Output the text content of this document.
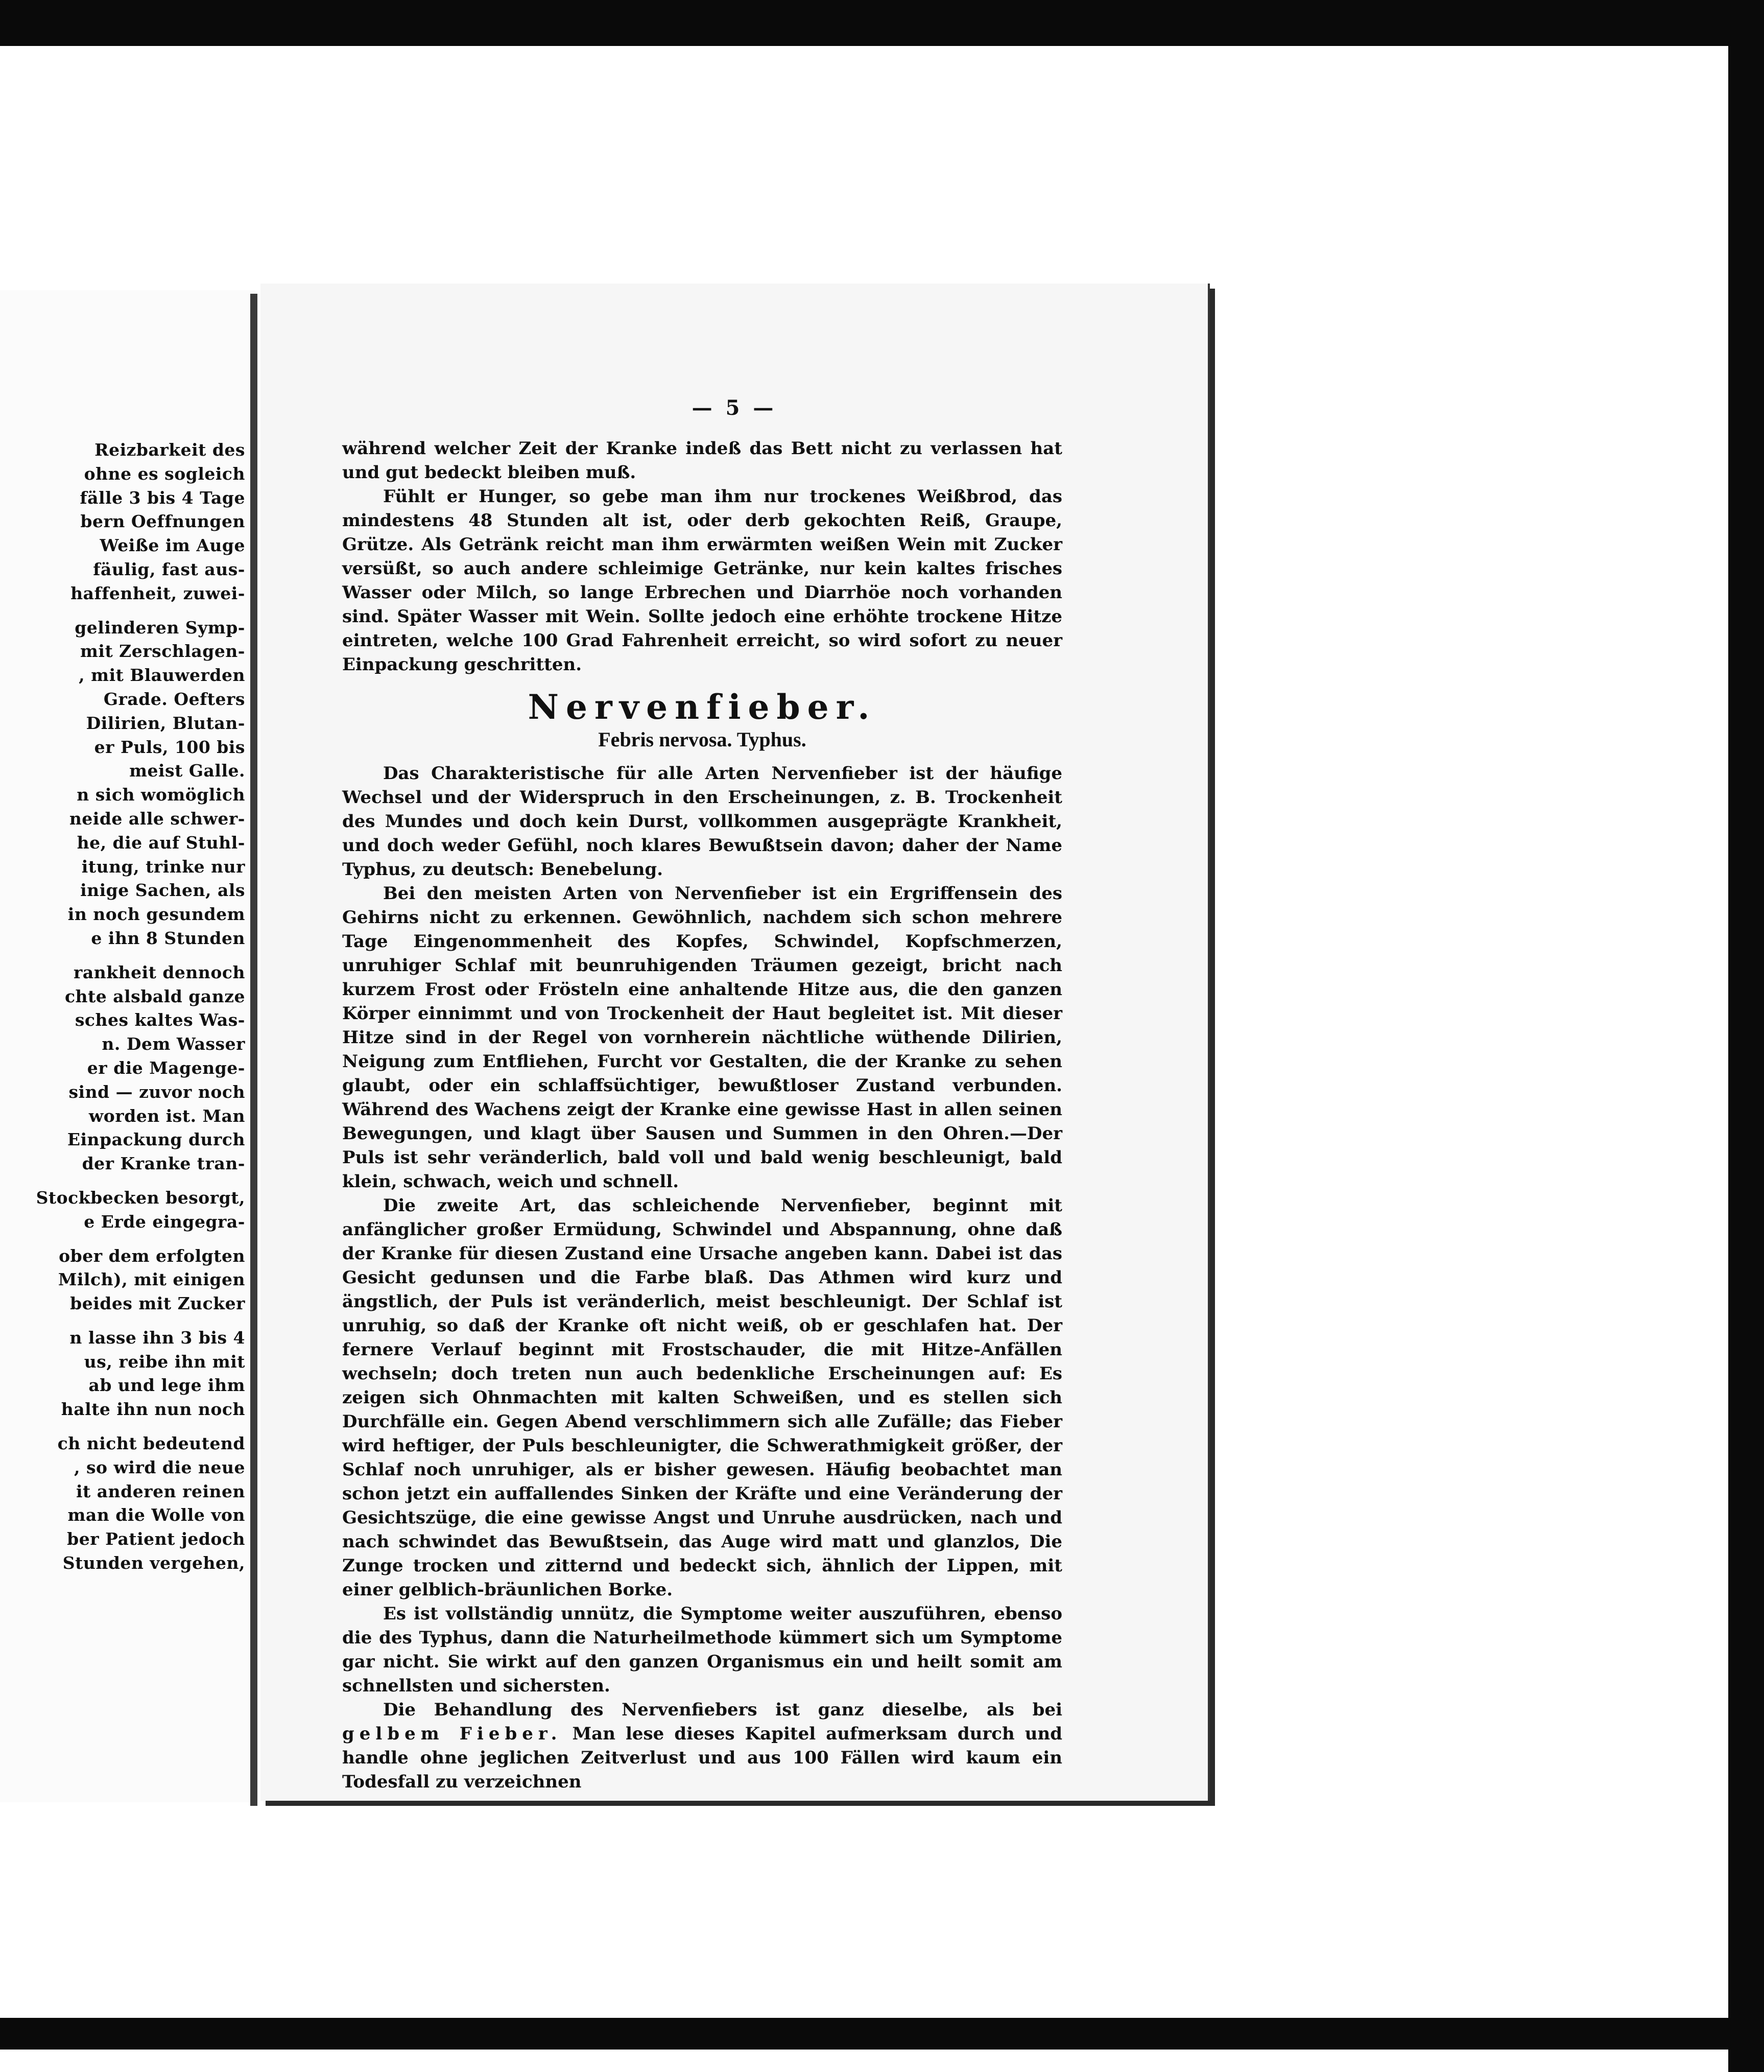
Reizbarkeit des
ohne es sogleich
fälle 3 bis 4 Tage
bern Oeffnungen
Weiße im Auge
fäulig, fast aus-
haffenheit, zuwei-
gelinderen Symp-
mit Zerschlagen-
, mit Blauwerden
Grade. Oefters
Dilirien, Blutan-
er Puls, 100 bis
meist Galle.
n sich womöglich
neide alle schwer-
he, die auf Stuhl-
itung, trinke nur
inige Sachen, als
in noch gesundem
e ihn 8 Stunden
rankheit dennoch
chte alsbald ganze
sches kaltes Was-
n. Dem Wasser
er die Magenge-
sind — zuvor noch
worden ist. Man
Einpackung durch
der Kranke tran-
Stockbecken besorgt,
e Erde eingegra-
ober dem erfolgten
Milch), mit einigen
beides mit Zucker
n lasse ihn 3 bis 4
us, reibe ihn mit
ab und lege ihm
halte ihn nun noch
ch nicht bedeutend
, so wird die neue
it anderen reinen
man die Wolle von
ber Patient jedoch
Stunden vergehen,
— 5 —

während welcher Zeit der Kranke indeß das Bett nicht zu verlassen hat und gut bedeckt bleiben muß.

Fühlt er Hunger, so gebe man ihm nur trockenes Weißbrod, das mindestens 48 Stunden alt ist, oder derb gekochten Reiß, Graupe, Grütze. Als Getränk reicht man ihm erwärmten weißen Wein mit Zucker versüßt, so auch andere schleimige Getränke, nur kein kaltes frisches Wasser oder Milch, so lange Erbrechen und Diarrhöe noch vorhanden sind. Später Wasser mit Wein. Sollte jedoch eine erhöhte trockene Hitze eintreten, welche 100 Grad Fahrenheit erreicht, so wird sofort zu neuer Einpackung geschritten.

Nervenfieber.
Febris nervosa. Typhus.

Das Charakteristische für alle Arten Nervenfieber ist der häufige Wechsel und der Widerspruch in den Erscheinungen, z. B. Trockenheit des Mundes und doch kein Durst, vollkommen ausgeprägte Krankheit, und doch weder Gefühl, noch klares Bewußtsein davon; daher der Name Typhus, zu deutsch: Benebelung.

Bei den meisten Arten von Nervenfieber ist ein Ergriffensein des Gehirns nicht zu erkennen. Gewöhnlich, nachdem sich schon mehrere Tage Eingenommenheit des Kopfes, Schwindel, Kopfschmerzen, unruhiger Schlaf mit beunruhigenden Träumen gezeigt, bricht nach kurzem Frost oder Frösteln eine anhaltende Hitze aus, die den ganzen Körper einnimmt und von Trockenheit der Haut begleitet ist. Mit dieser Hitze sind in der Regel von vornherein nächtliche wüthende Dilirien, Neigung zum Entfliehen, Furcht vor Gestalten, die der Kranke zu sehen glaubt, oder ein schlaffsüchtiger, bewußtloser Zustand verbunden. Während des Wachens zeigt der Kranke eine gewisse Hast in allen seinen Bewegungen, und klagt über Sausen und Summen in den Ohren.—Der Puls ist sehr veränderlich, bald voll und bald wenig beschleunigt, bald klein, schwach, weich und schnell.

Die zweite Art, das schleichende Nervenfieber, beginnt mit anfänglicher großer Ermüdung, Schwindel und Abspannung, ohne daß der Kranke für diesen Zustand eine Ursache angeben kann. Dabei ist das Gesicht gedunsen und die Farbe blaß. Das Athmen wird kurz und ängstlich, der Puls ist veränderlich, meist beschleunigt. Der Schlaf ist unruhig, so daß der Kranke oft nicht weiß, ob er geschlafen hat. Der fernere Verlauf beginnt mit Frostschauder, die mit Hitze-Anfällen wechseln; doch treten nun auch bedenkliche Erscheinungen auf: Es zeigen sich Ohnmachten mit kalten Schweißen, und es stellen sich Durchfälle ein. Gegen Abend verschlimmern sich alle Zufälle; das Fieber wird heftiger, der Puls beschleunigter, die Schwerathmigkeit größer, der Schlaf noch unruhiger, als er bisher gewesen. Häufig beobachtet man schon jetzt ein auffallendes Sinken der Kräfte und eine Veränderung der Gesichtszüge, die eine gewisse Angst und Unruhe ausdrücken, nach und nach schwindet das Bewußtsein, das Auge wird matt und glanzlos, Die Zunge trocken und zitternd und bedeckt sich, ähnlich der Lippen, mit einer gelblich-bräunlichen Borke.

Es ist vollständig unnütz, die Symptome weiter auszuführen, ebenso die des Typhus, dann die Naturheilmethode kümmert sich um Symptome gar nicht. Sie wirkt auf den ganzen Organismus ein und heilt somit am schnellsten und sichersten.

Die Behandlung des Nervenfiebers ist ganz dieselbe, als bei gelbem Fieber. Man lese dieses Kapitel aufmerksam durch und handle ohne jeglichen Zeitverlust und aus 100 Fällen wird kaum ein Todesfall zu verzeichnen
